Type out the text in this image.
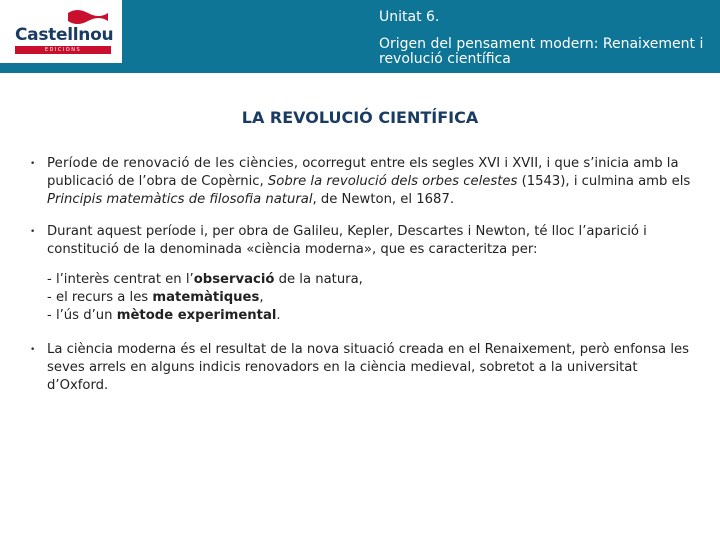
Castellnou
EDICIONS
Unitat 6.
Origen del pensament modern: Renaixement i revolució científica
LA REVOLUCIÓ CIENTÍFICA
• Període de renovació de les ciències, ocorregut entre els segles XVI i XVII, i que s’inicia amb la publicació de l’obra de Copèrnic, Sobre la revolució dels orbes celestes (1543), i culmina amb els Principis matemàtics de filosofia natural, de Newton, el 1687.
• Durant aquest període i, per obra de Galileu, Kepler, Descartes i Newton, té lloc l’aparició i constitució de la denominada «ciència moderna», que es caracteritza per:
- l’interès centrat en l’observació de la natura,
- el recurs a les matemàtiques,
- l’ús d’un mètode experimental.
• La ciència moderna és el resultat de la nova situació creada en el Renaixement, però enfonsa les seves arrels en alguns indicis renovadors en la ciència medieval, sobretot a la universitat d’Oxford.
